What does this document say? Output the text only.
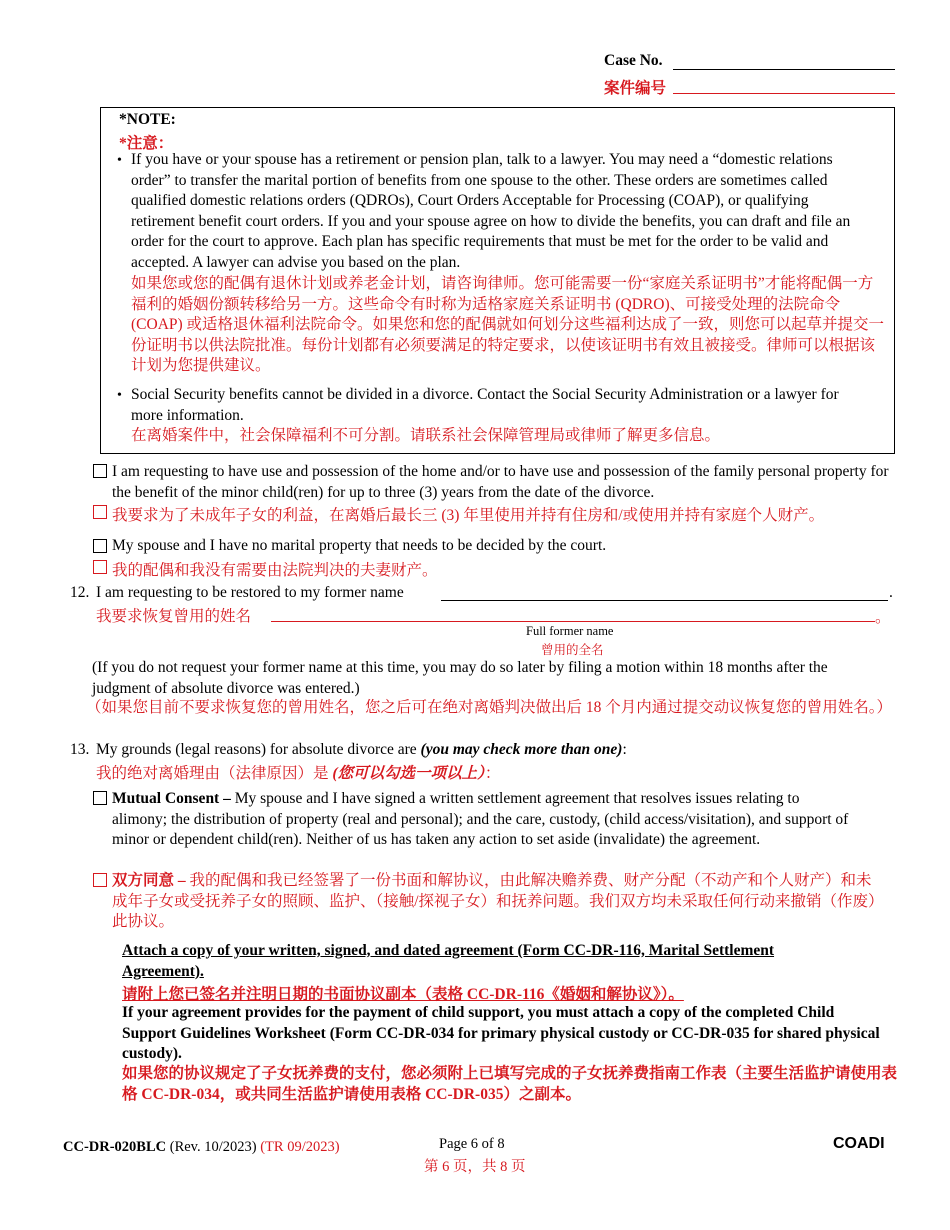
Case No.
案件编号
*NOTE:
*注意：
• If you have or your spouse has a retirement or pension plan, talk to a lawyer. You may need a “domestic relations order” to transfer the marital portion of benefits from one spouse to the other. These orders are sometimes called qualified domestic relations orders (QDROs), Court Orders Acceptable for Processing (COAP), or qualifying retirement benefit court orders. If you and your spouse agree on how to divide the benefits, you can draft and file an order for the court to approve. Each plan has specific requirements that must be met for the order to be valid and accepted. A lawyer can advise you based on the plan.
如果您或您的配偶有退休计划或养老金计划，请咨询律师。您可能需要一份“家庭关系证明书”才能将配偶一方福利的婚姻份额转移给另一方。这些命令有时称为适格家庭关系证明书 (QDRO)、可接受处理的法院命令 (COAP) 或适格退休福利法院命令。如果您和您的配偶就如何划分这些福利达成了一致，则您可以起草并提交一份证明书以供法院批准。每份计划都有必须要满足的特定要求，以使该证明书有效且被接受。律师可以根据该计划为您提供建议。
• Social Security benefits cannot be divided in a divorce. Contact the Social Security Administration or a lawyer for more information.
在离婚案件中，社会保障福利不可分割。请联系社会保障管理局或律师了解更多信息。
I am requesting to have use and possession of the home and/or to have use and possession of the family personal property for the benefit of the minor child(ren) for up to three (3) years from the date of the divorce.
我要求为了未成年子女的利益，在离婚后最长三 (3) 年里使用并持有住房和/或使用并持有家庭个人财产。
My spouse and I have no marital property that needs to be decided by the court.
我的配偶和我没有需要由法院判决的夫妻财产。
12. I am requesting to be restored to my former name	.
我要求恢复曾用的姓名	。
Full former name
曾用的全名
(If you do not request your former name at this time, you may do so later by filing a motion within 18 months after the judgment of absolute divorce was entered.)
（如果您目前不要求恢复您的曾用姓名，您之后可在绝对离婚判决做出后 18 个月内通过提交动议恢复您的曾用姓名。）
13. My grounds (legal reasons) for absolute divorce are (you may check more than one):
我的绝对离婚理由（法律原因）是 (您可以勾选一项以上）：
Mutual Consent – My spouse and I have signed a written settlement agreement that resolves issues relating to alimony; the distribution of property (real and personal); and the care, custody, (child access/visitation), and support of minor or dependent child(ren). Neither of us has taken any action to set aside (invalidate) the agreement.
双方同意 – 我的配偶和我已经签署了一份书面和解协议，由此解决赡养费、财产分配（不动产和个人财产）和未成年子女或受抚养子女的照顾、监护、（接触/探视子女）和抚养问题。我们双方均未采取任何行动来撤销（作废）此协议。
Attach a copy of your written, signed, and dated agreement (Form CC-DR-116, Marital Settlement Agreement).
请附上您已签名并注明日期的书面协议副本（表格 CC-DR-116《婚姻和解协议》）。
If your agreement provides for the payment of child support, you must attach a copy of the completed Child Support Guidelines Worksheet (Form CC-DR-034 for primary physical custody or CC-DR-035 for shared physical custody).
如果您的协议规定了子女抚养费的支付，您必须附上已填写完成的子女抚养费指南工作表（主要生活监护请使用表格 CC-DR-034，或共同生活监护请使用表格 CC-DR-035）之副本。
CC-DR-020BLC (Rev. 10/2023) (TR 09/2023)	Page 6 of 8
第 6 页，共 8 页
COADI
